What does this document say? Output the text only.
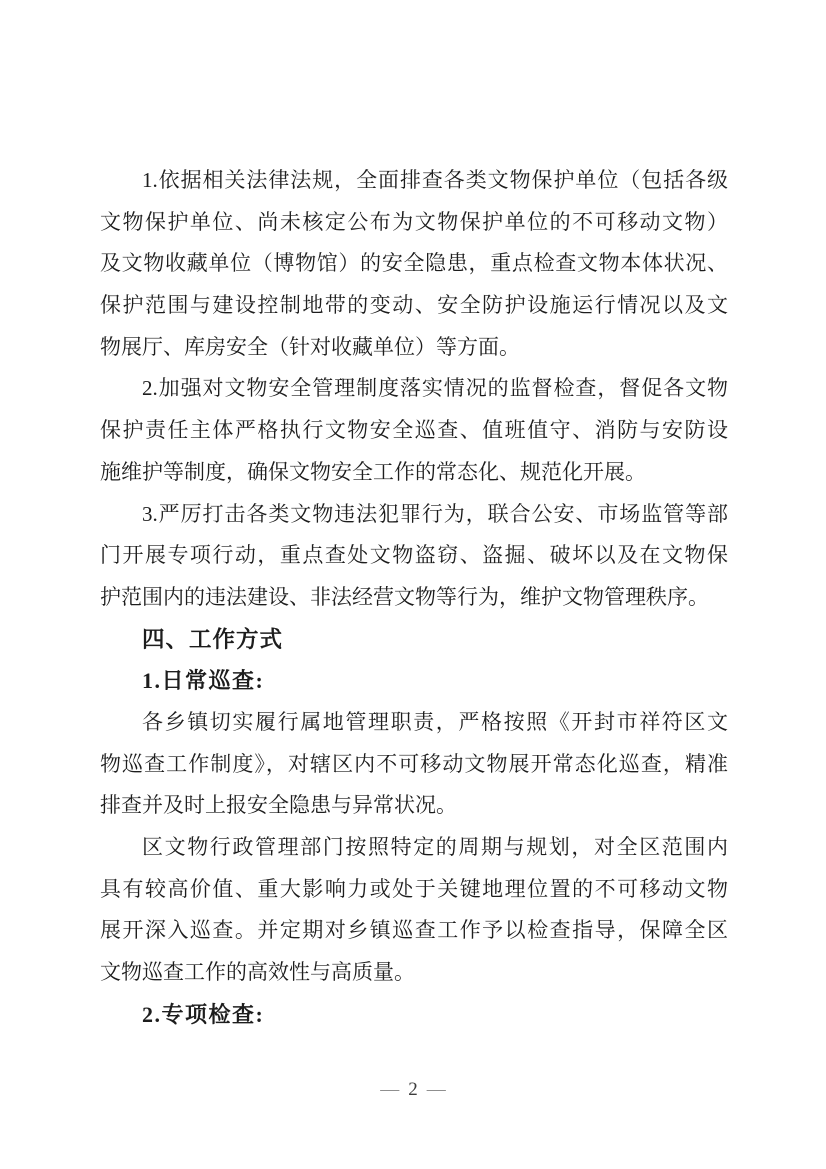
1.依据相关法律法规，全面排查各类文物保护单位（包括各级
文物保护单位、尚未核定公布为文物保护单位的不可移动文物）
及文物收藏单位（博物馆）的安全隐患，重点检查文物本体状况、
保护范围与建设控制地带的变动、安全防护设施运行情况以及文
物展厅、库房安全（针对收藏单位）等方面。
2.加强对文物安全管理制度落实情况的监督检查，督促各文物
保护责任主体严格执行文物安全巡查、值班值守、消防与安防设
施维护等制度，确保文物安全工作的常态化、规范化开展。
3.严厉打击各类文物违法犯罪行为，联合公安、市场监管等部
门开展专项行动，重点查处文物盗窃、盗掘、破坏以及在文物保
护范围内的违法建设、非法经营文物等行为，维护文物管理秩序。
四、工作方式
1.日常巡查:
各乡镇切实履行属地管理职责，严格按照《开封市祥符区文
物巡查工作制度》，对辖区内不可移动文物展开常态化巡查，精准
排查并及时上报安全隐患与异常状况。
区文物行政管理部门按照特定的周期与规划，对全区范围内
具有较高价值、重大影响力或处于关键地理位置的不可移动文物
展开深入巡查。并定期对乡镇巡查工作予以检查指导，保障全区
文物巡查工作的高效性与高质量。
2.专项检查:
— 2 —
